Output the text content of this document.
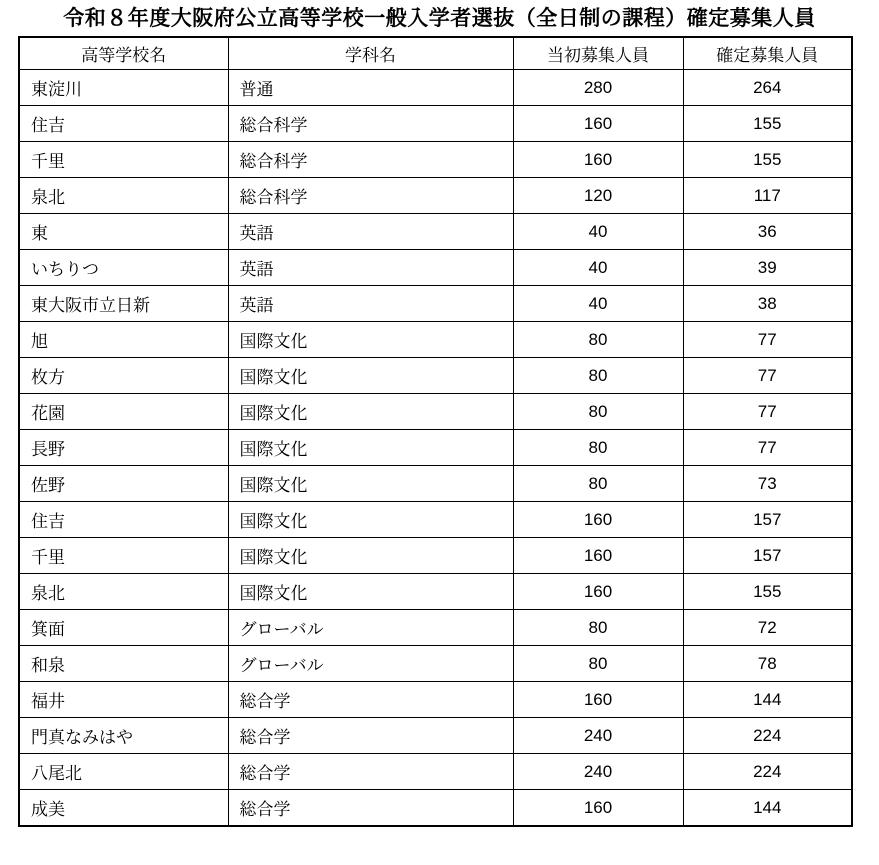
令和８年度大阪府公立高等学校一般入学者選抜（全日制の課程）確定募集人員
高等学校名	学科名	当初募集人員	確定募集人員
東淀川	普通	280	264
住吉	総合科学	160	155
千里	総合科学	160	155
泉北	総合科学	120	117
東	英語	40	36
いちりつ	英語	40	39
東大阪市立日新	英語	40	38
旭	国際文化	80	77
枚方	国際文化	80	77
花園	国際文化	80	77
長野	国際文化	80	77
佐野	国際文化	80	73
住吉	国際文化	160	157
千里	国際文化	160	157
泉北	国際文化	160	155
箕面	グローバル	80	72
和泉	グローバル	80	78
福井	総合学	160	144
門真なみはや	総合学	240	224
八尾北	総合学	240	224
成美	総合学	160	144
